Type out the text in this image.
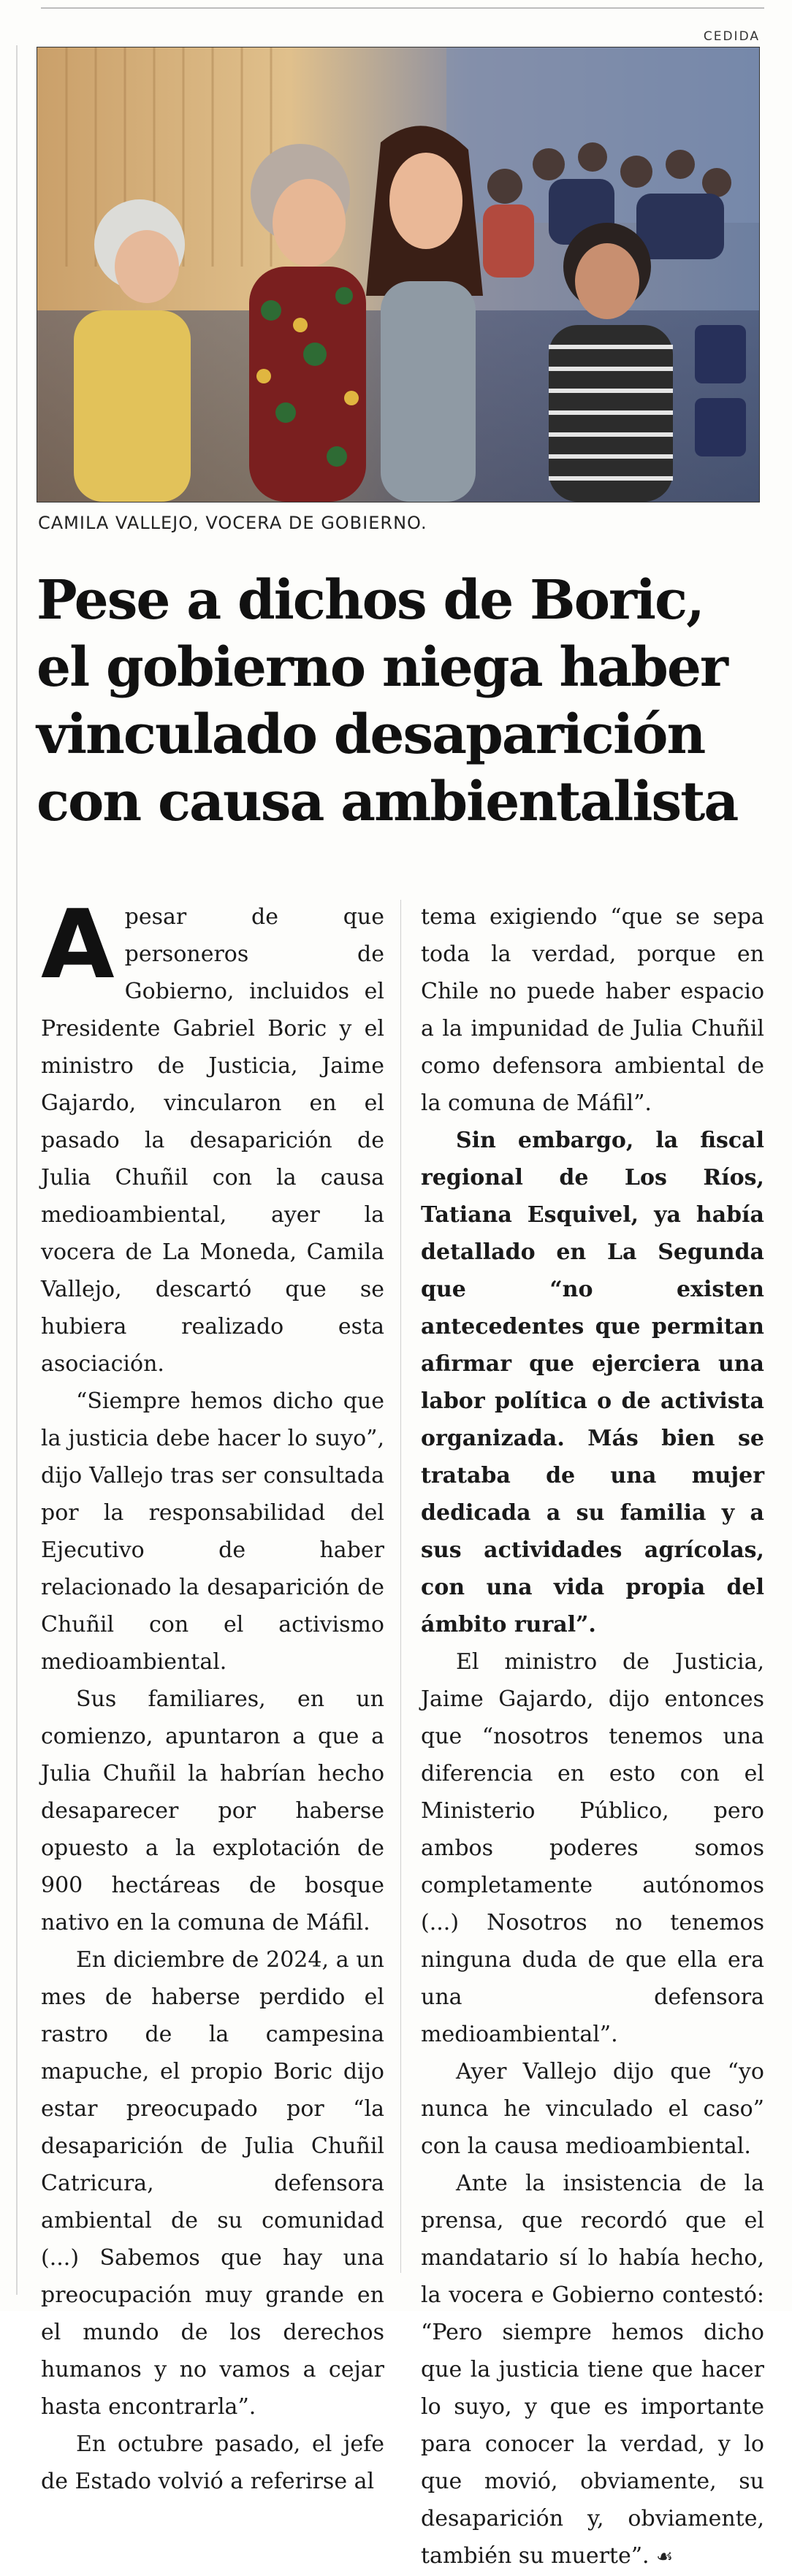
CEDIDA
CAMILA VALLEJO, VOCERA DE GOBIERNO.
Pese a dichos de Boric, el gobierno niega haber vinculado desaparición con causa ambientalista

Apesar de que personeros de Gobierno, incluidos el Presidente Gabriel Boric y el ministro de Justicia, Jaime Gajardo, vincularon en el pasado la desaparición de Julia Chuñil con la causa medioambiental, ayer la vocera de La Moneda, Camila Vallejo, descartó que se hubiera realizado esta asociación.

“Siempre hemos dicho que la justicia debe hacer lo suyo”, dijo Vallejo tras ser consultada por la responsabilidad del Ejecutivo de haber relacionado la desaparición de Chuñil con el activismo medioambiental.

Sus familiares, en un comienzo, apuntaron a que a Julia Chuñil la habrían hecho desaparecer por haberse opuesto a la explotación de 900 hectáreas de bosque nativo en la comuna de Máfil.

En diciembre de 2024, a un mes de haberse perdido el rastro de la campesina mapuche, el propio Boric dijo estar preocupado por “la desaparición de Julia Chuñil Catricura, defensora ambiental de su comunidad (...) Sabemos que hay una preocupación muy grande en el mundo de los derechos humanos y no vamos a cejar hasta encontrarla”.

En octubre pasado, el jefe de Estado volvió a referirse al

tema exigiendo “que se sepa toda la verdad, porque en Chile no puede haber espacio a la impunidad de Julia Chuñil como defensora ambiental de la comuna de Máfil”.

Sin embargo, la fiscal regional de Los Ríos, Tatiana Esquivel, ya había detallado en La Segunda que “no existen antecedentes que permitan afirmar que ejerciera una labor política o de activista organizada. Más bien se trataba de una mujer dedicada a su familia y a sus actividades agrícolas, con una vida propia del ámbito rural”.

El ministro de Justicia, Jaime Gajardo, dijo entonces que “nosotros tenemos una diferencia en esto con el Ministerio Público, pero ambos poderes somos completamente autónomos (...) Nosotros no tenemos ninguna duda de que ella era una defensora medioambiental”.

Ayer Vallejo dijo que “yo nunca he vinculado el caso” con la causa medioambiental.

Ante la insistencia de la prensa, que recordó que el mandatario sí lo había hecho, la vocera e Gobierno contestó: “Pero siempre hemos dicho que la justicia tiene que hacer lo suyo, y que es importante para conocer la verdad, y lo que movió, obviamente, su desaparición y, obviamente, también su muerte”. ☙
